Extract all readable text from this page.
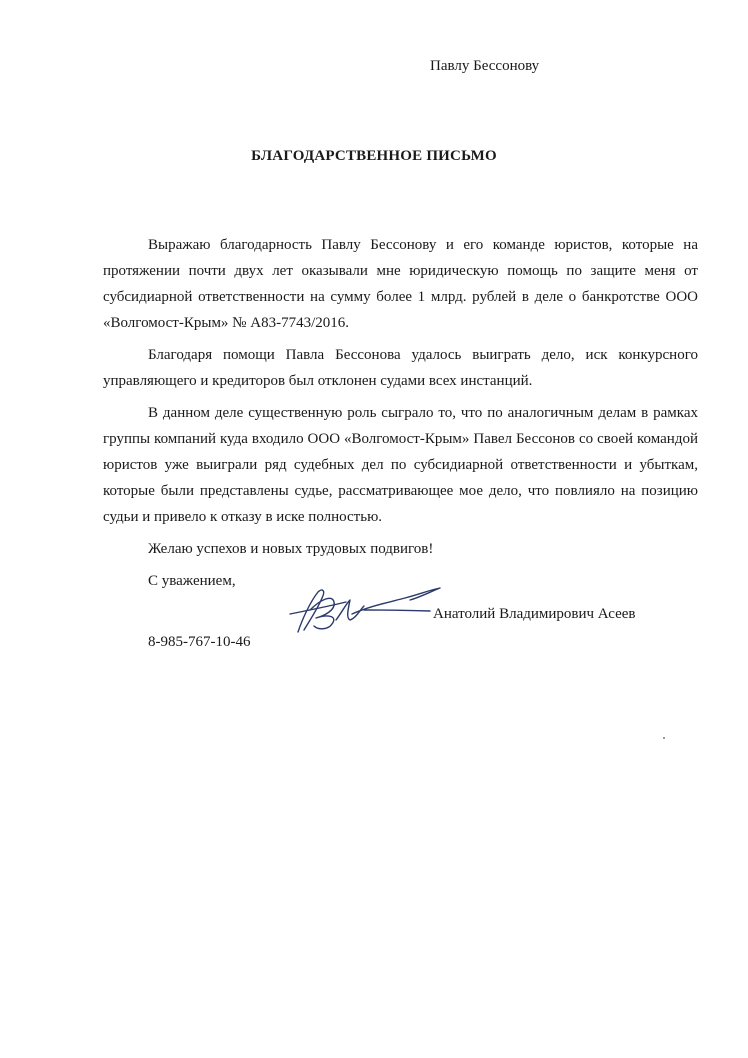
Павлу Бессонову
БЛАГОДАРСТВЕННОЕ ПИСЬМО

Выражаю благодарность Павлу Бессонову и его команде юристов, которые на протяжении почти двух лет оказывали мне юридическую помощь по защите меня от субсидиарной ответственности на сумму более 1 млрд. рублей в деле о банкротстве ООО «Волгомост-Крым» № А83-7743/2016.

Благодаря помощи Павла Бессонова удалось выиграть дело, иск конкурсного управляющего и кредиторов был отклонен судами всех инстанций.

В данном деле существенную роль сыграло то, что по аналогичным делам в рамках группы компаний куда входило ООО «Волгомост-Крым» Павел Бессонов со своей командой юристов уже выиграли ряд судебных дел по субсидиарной ответственности и убыткам, которые были представлены судье, рассматривающее мое дело, что повлияло на позицию судьи и привело к отказу в иске полностью.

Желаю успехов и новых трудовых подвигов!

С уважением,
Анатолий Владимирович Асеев
8-985-767-10-46
